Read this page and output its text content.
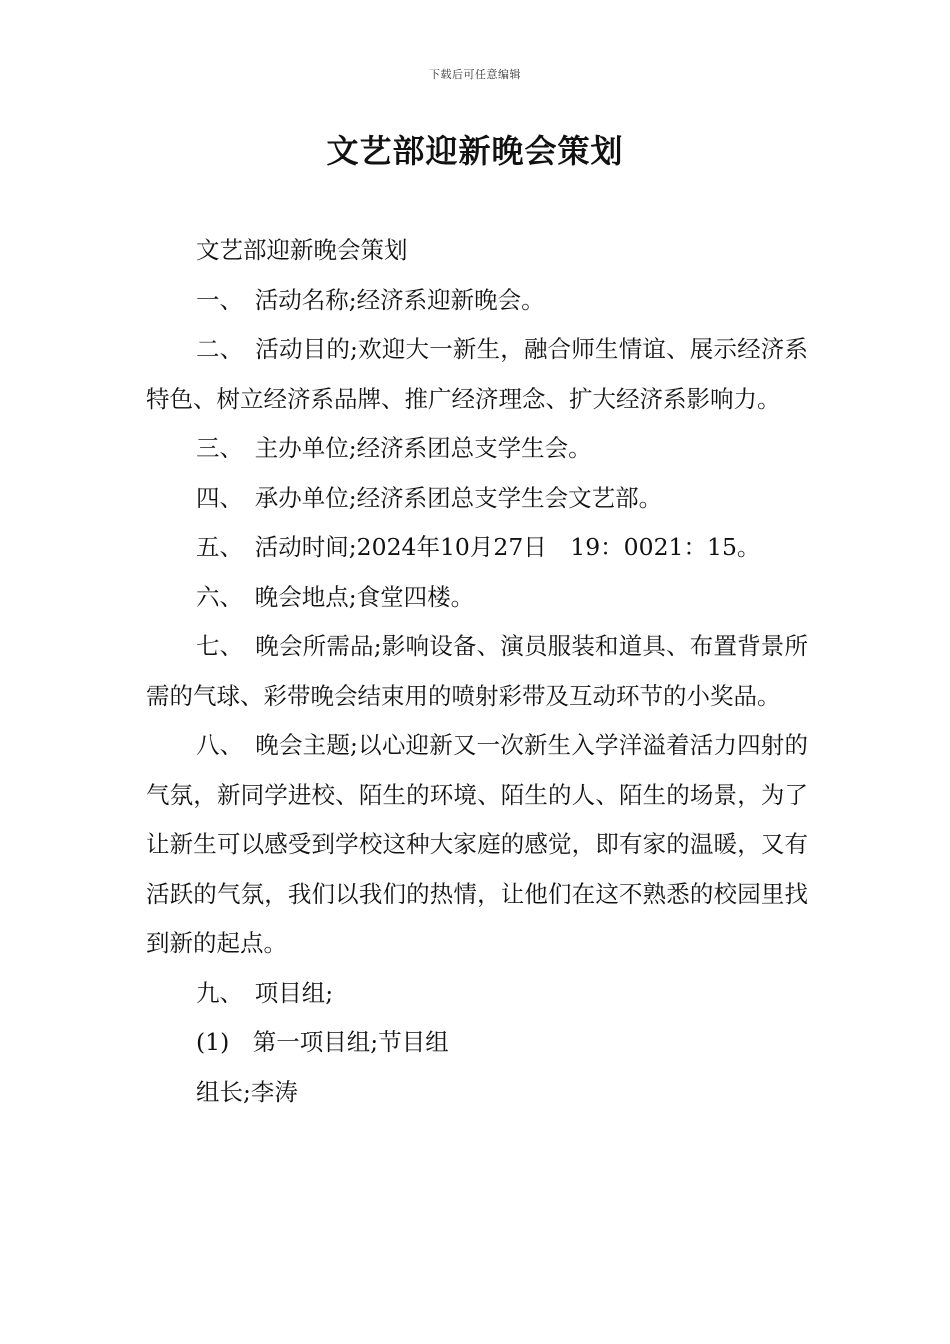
下载后可任意编辑
文艺部迎新晚会策划

文艺部迎新晚会策划

一、　活动名称;经济系迎新晚会。

二、　活动目的;欢迎大一新生，融合师生情谊、展示经济系特色、树立经济系品牌、推广经济理念、扩大经济系影响力。

三、　主办单位;经济系团总支学生会。

四、　承办单位;经济系团总支学生会文艺部。

五、　活动时间;2024年10月27日　19：0021：15。

六、　晚会地点;食堂四楼。

七、　晚会所需品;影响设备、演员服装和道具、布置背景所需的气球、彩带晚会结束用的喷射彩带及互动环节的小奖品。

八、　晚会主题;以心迎新又一次新生入学洋溢着活力四射的气氛，新同学进校、陌生的环境、陌生的人、陌生的场景，为了让新生可以感受到学校这种大家庭的感觉，即有家的温暖，又有活跃的气氛，我们以我们的热情，让他们在这不熟悉的校园里找到新的起点。

九、　项目组;

(1)　第一项目组;节目组

组长;李涛
